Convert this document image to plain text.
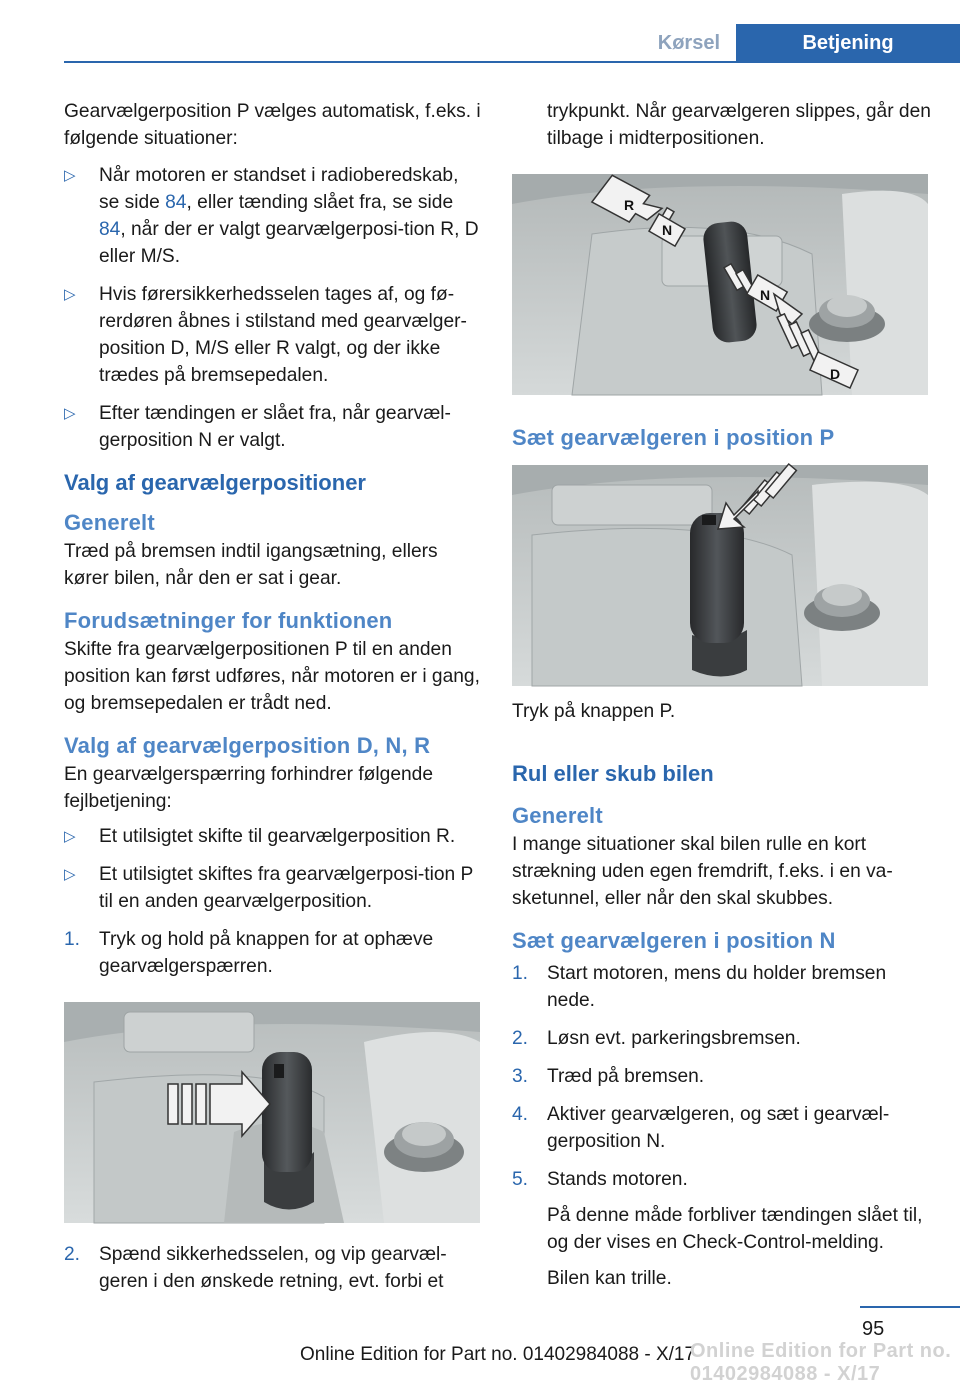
Kørsel	Betjening

Gearvælgerposition P vælges automatisk, f.eks. i følgende situationer:

▷ Når motoren er standset i radioberedskab, se side 84, eller tænding slået fra, se side 84, når der er valgt gearvælgerposi‐tion R, D eller M/S.
▷ Hvis førersikkerhedsselen tages af, og fø‐rerdøren åbnes i stilstand med gearvælger‐position D, M/S eller R valgt, og der ikke trædes på bremsepedalen.
▷ Efter tændingen er slået fra, når gearvæl‐gerposition N er valgt.
Valg af gearvælgerpositioner
Generelt

Træd på bremsen indtil igangsætning, ellers kører bilen, når den er sat i gear.

Forudsætninger for funktionen

Skifte fra gearvælgerpositionen P til en anden position kan først udføres, når motoren er i gang, og bremsepedalen er trådt ned.

Valg af gearvælgerposition D, N, R

En gearvælgerspærring forhindrer følgende fejlbetjening:

▷ Et utilsigtet skifte til gearvælgerposition R.
▷ Et utilsigtet skiftes fra gearvælgerposi‐tion P til en anden gearvælgerposition.
1. Tryk og hold på knappen for at ophæve gearvælgerspærren.
2. Spænd sikkerhedsselen, og vip gearvæl‐geren i den ønskede retning, evt. forbi et

trykpunkt. Når gearvælgeren slippes, går den tilbage i midterpositionen.

R
N
N
D
Sæt gearvælgeren i position P

Tryk på knappen P.

Rul eller skub bilen
Generelt

I mange situationer skal bilen rulle en kort strækning uden egen fremdrift, f.eks. i en va‐sketunnel, eller når den skal skubbes.

Sæt gearvælgeren i position N
1. Start motoren, mens du holder bremsen nede.
2. Løsn evt. parkeringsbremsen.
3. Træd på bremsen.
4. Aktiver gearvælgeren, og sæt i gearvæl‐gerposition N.
5. Stands motoren.

På denne måde forbliver tændingen slået til, og der vises en Check-Control-melding.

Bilen kan trille.

95
Online Edition for Part no. 01402984088 - X/17
Online Edition for Part no. 01402984088 - X/17
